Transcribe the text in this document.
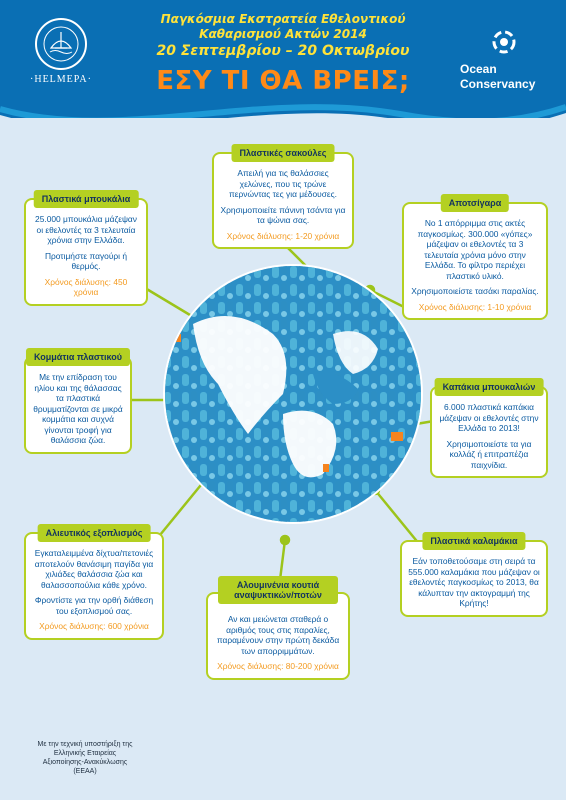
·HELMEPA·
Παγκόσμια Εκστρατεία Εθελοντικού Καθαρισμού Ακτών 2014
20 Σεπτεμβρίου – 20 Οκτωβρίου
ΕΣΥ ΤΙ ΘΑ ΒΡΕΙΣ;	Ocean
Conservancy
Πλαστικές σακούλες

Απειλή για τις θαλάσσιες χελώνες, που τις τρώνε περνώντας τες για μέδουσες.

Χρησιμοποιείτε πάνινη τσάντα για τα ψώνια σας.

Χρόνος διάλυσης: 1-20 χρόνια

Πλαστικά μπουκάλια

25.000 μπουκάλια μάζεψαν οι εθελοντές τα 3 τελευταία χρόνια στην Ελλάδα.

Προτιμήστε παγούρι ή θερμός.

Χρόνος διάλυσης: 450 χρόνια

Αποτσίγαρα

Νο 1 απόρριμμα στις ακτές παγκοσμίως. 300.000 «γόπες» μάζεψαν οι εθελοντές τα 3 τελευταία χρόνια μόνο στην Ελλάδα. Το φίλτρο περιέχει πλαστικό υλικό.

Χρησιμοποιείστε τασάκι παραλίας.

Χρόνος διάλυσης: 1-10 χρόνια

Κομμάτια πλαστικού

Με την επίδραση του ηλίου και της θάλασσας τα πλαστικά θρυμματίζονται σε μικρά κομμάτια και συχνά γίνονται τροφή για θαλάσσια ζώα.

Καπάκια μπουκαλιών

6.000 πλαστικά καπάκια μάζεψαν οι εθελοντές στην Ελλάδα το 2013!

Χρησιμοποιείστε τα για κολλάζ ή επιτραπέζια παιχνίδια.

Αλιευτικός εξοπλισμός

Εγκαταλειμμένα δίχτυα/πετονιές αποτελούν θανάσιμη παγίδα για χιλιάδες θαλάσσια ζώα και θαλασσοπούλια κάθε χρόνο.

Φροντίστε για την ορθή διάθεση του εξοπλισμού σας.

Χρόνος διάλυσης: 600 χρόνια

Πλαστικά καλαμάκια

Εάν τοποθετούσαμε στη σειρά τα 555.000 καλαμάκια που μάζεψαν οι εθελοντές παγκοσμίως το 2013, θα κάλυπταν την ακτογραμμή της Κρήτης!

Αλουμινένια κουτιά αναψυκτικών/ποτών

Αν και μειώνεται σταθερά ο αριθμός τους στις παραλίες, παραμένουν στην πρώτη δεκάδα των απορριμμάτων.

Χρόνος διάλυσης: 80-200 χρόνια

Με την τεχνική υποστήριξη της
Ελληνικής Εταιρείας
Αξιοποίησης-Ανακύκλωσης
(ΕΕΑΑ)
